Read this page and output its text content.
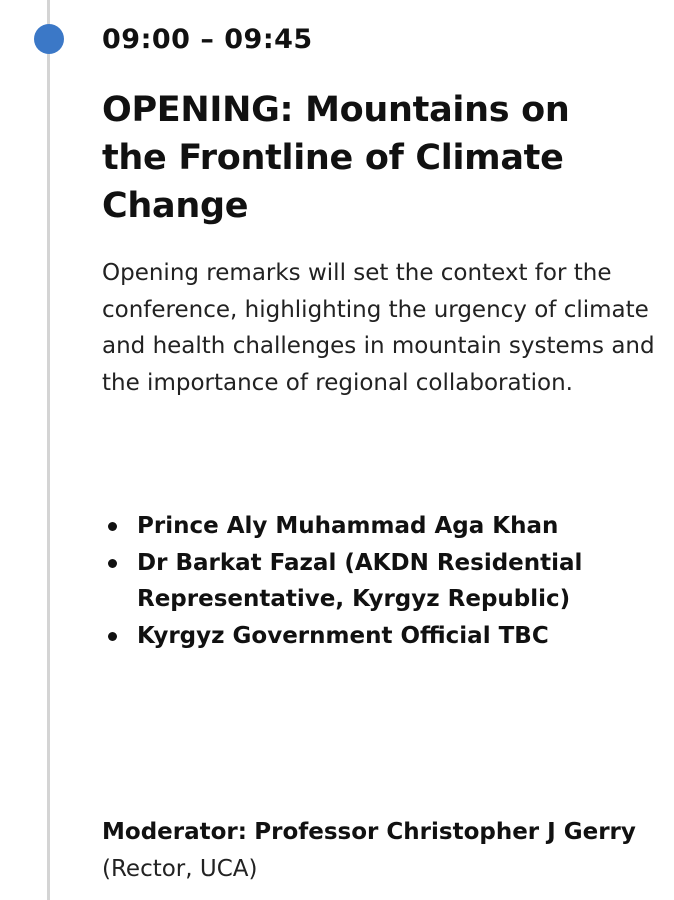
09:00 – 09:45
OPENING: Mountains on the Frontline of Climate Change
Opening remarks will set the context for the conference, highlighting the urgency of climate and health challenges in mountain systems and the importance of regional collaboration.
Prince Aly Muhammad Aga Khan
Dr Barkat Fazal (AKDN Residential Representative, Kyrgyz Republic)
Kyrgyz Government Official TBC
Moderator: Professor Christopher J Gerry (Rector, UCA)
